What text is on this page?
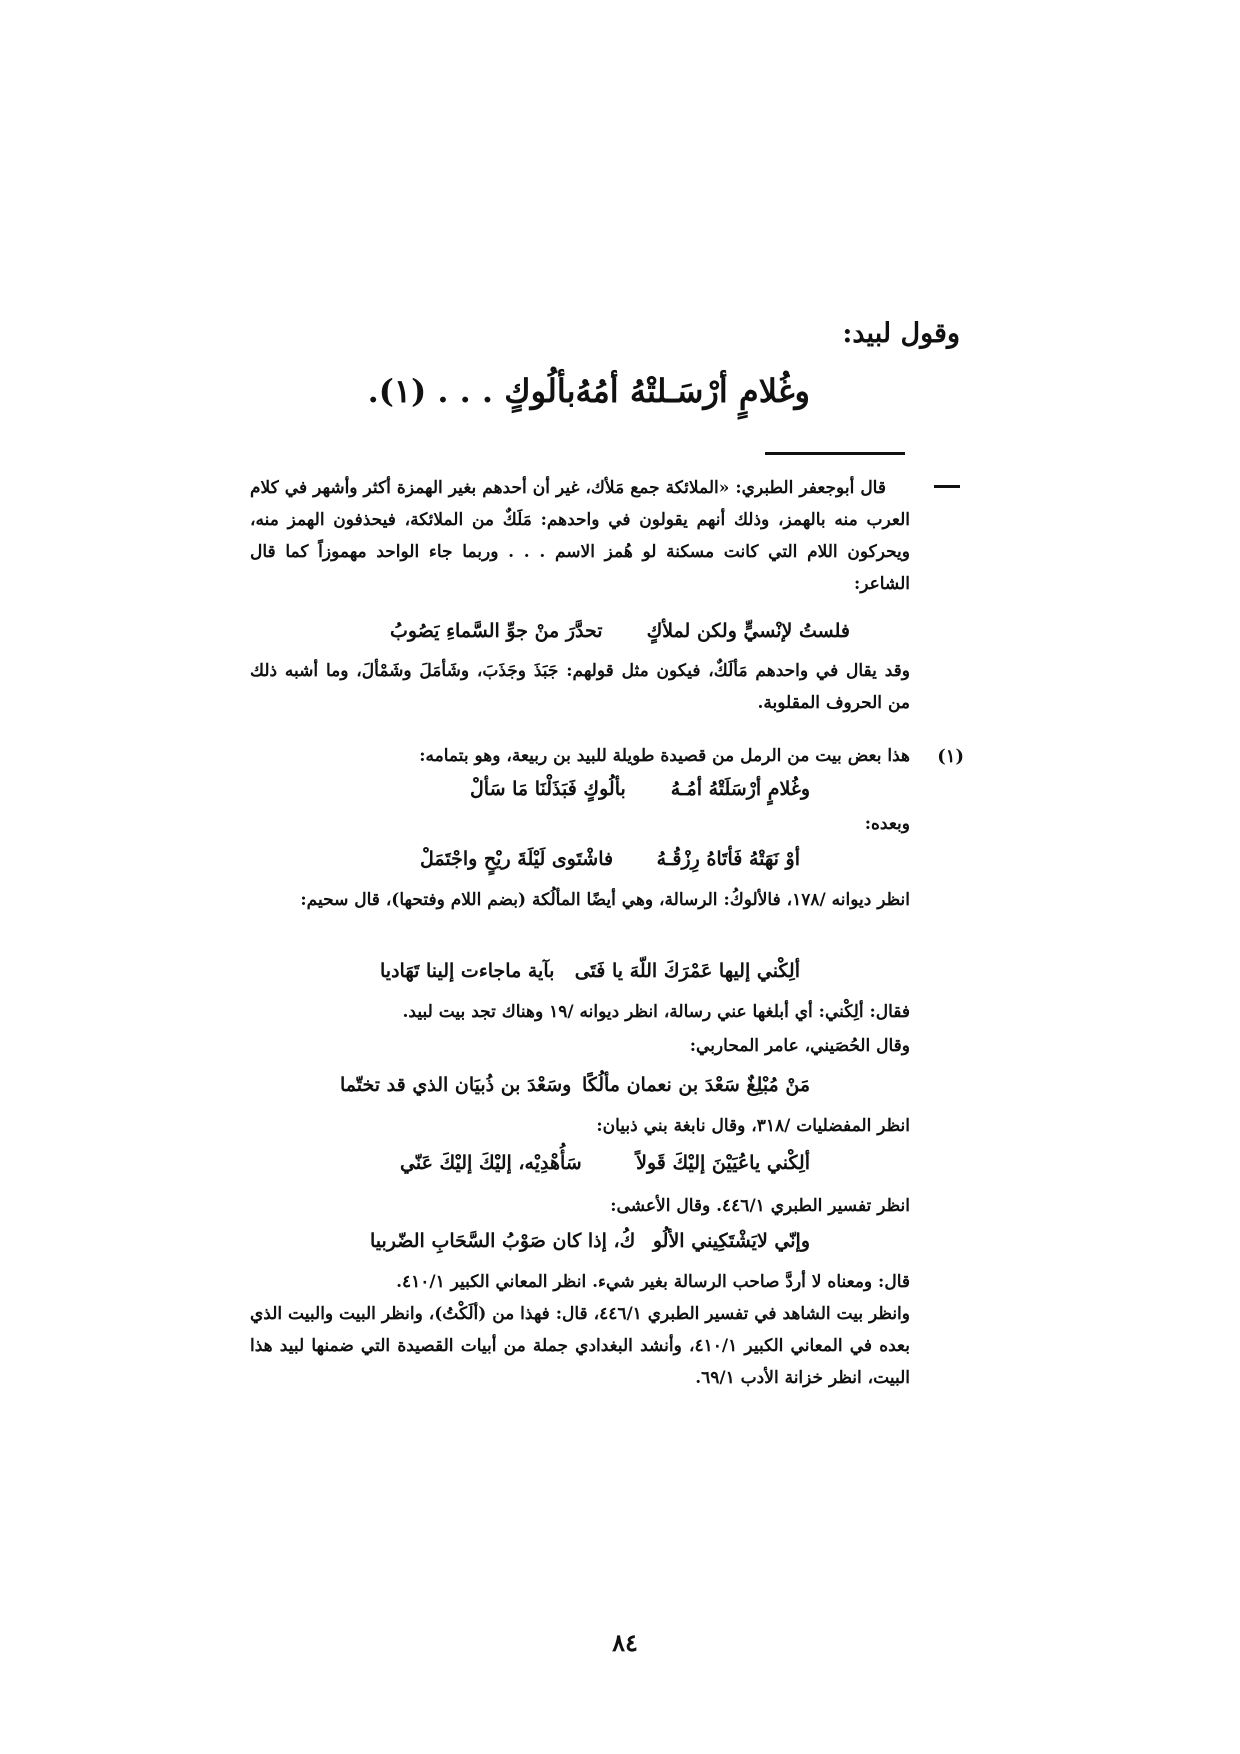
وقول لبيد:
وغُلامٍ أرْسَـلتْهُ أمُهُ
بألُوكٍ . . . (١).
قال أبوجعفر الطبري: «الملائكة جمع مَلأك، غير أن أحدهم بغير الهمزة أكثر وأشهر في كلام العرب منه بالهمز، وذلك أنهم يقولون في واحدهم: مَلَكٌ من الملائكة، فيحذفون الهمز منه، ويحركون اللام التي كانت مسكنة لو هُمز الاسم . . . وربما جاء الواحد مهموزاً كما قال الشاعر:
فلستُ لإنْسيٍّ ولكن لملأكٍ
تحدَّرَ منْ جوِّ السَّماءِ يَصُوبُ
وقد يقال في واحدهم مَألَكٌ، فيكون مثل قولهم: جَبَذَ وجَذَبَ، وشَأمَلَ وشَمْألَ، وما أشبه ذلك من الحروف المقلوبة.
(١)
هذا بعض بيت من الرمل من قصيدة طويلة للبيد بن ربيعة، وهو بتمامه:
وغُلامٍ أرْسَلَتْهُ أمُـهُ
بألُوكٍ فَبَذَلْنَا مَا سَألْ
وبعده:
أوْ نَهَتْهُ فَأتَاهُ رِزْقُـهُ
فاشْتَوى لَيْلَةَ ريْحٍ واجْتَمَلْ
انظر ديوانه /١٧٨، فالألوكُ: الرسالة، وهي أيضًا المألُكة (بضم اللام وفتحها)، قال سحيم:
ألِكْني إليها عَمْرَكَ اللّهَ يا فَتَى
بآية ماجاءت إلينا تَهَاديا
فقال: ألِكْني: أي أبلغها عني رسالة، انظر ديوانه /١٩ وهناك تجد بيت لبيد.
وقال الحُصَيني، عامر المحاربي:
مَنْ مُبْلِغٌ سَعْدَ بن نعمان مألُكًا
وسَعْدَ بن ذُبيَان الذي قد تختّما
انظر المفضليات /٣١٨، وقال نابغة بني ذبيان:
ألِكْني ياعُيَيْنَ إليْكَ قَولاً
سَأُهْدِيْه، إليْكَ إليْكَ عَنّي
انظر تفسير الطبري ٤٤٦/١. وقال الأعشى:
وإنّي لايَشْتَكِيني الألُو
كُ، إذا كان صَوْبُ السَّحَابِ الضّربيا
قال: ومعناه لا أردَّ صاحب الرسالة بغير شيء. انظر المعاني الكبير ٤١٠/١.
وانظر بيت الشاهد في تفسير الطبري ٤٤٦/١، قال: فهذا من (ألَكْتُ)، وانظر البيت والبيت الذي بعده في المعاني الكبير ٤١٠/١، وأنشد البغدادي جملة من أبيات القصيدة التي ضمنها لبيد هذا البيت، انظر خزانة الأدب ٦٩/١.
٨٤
